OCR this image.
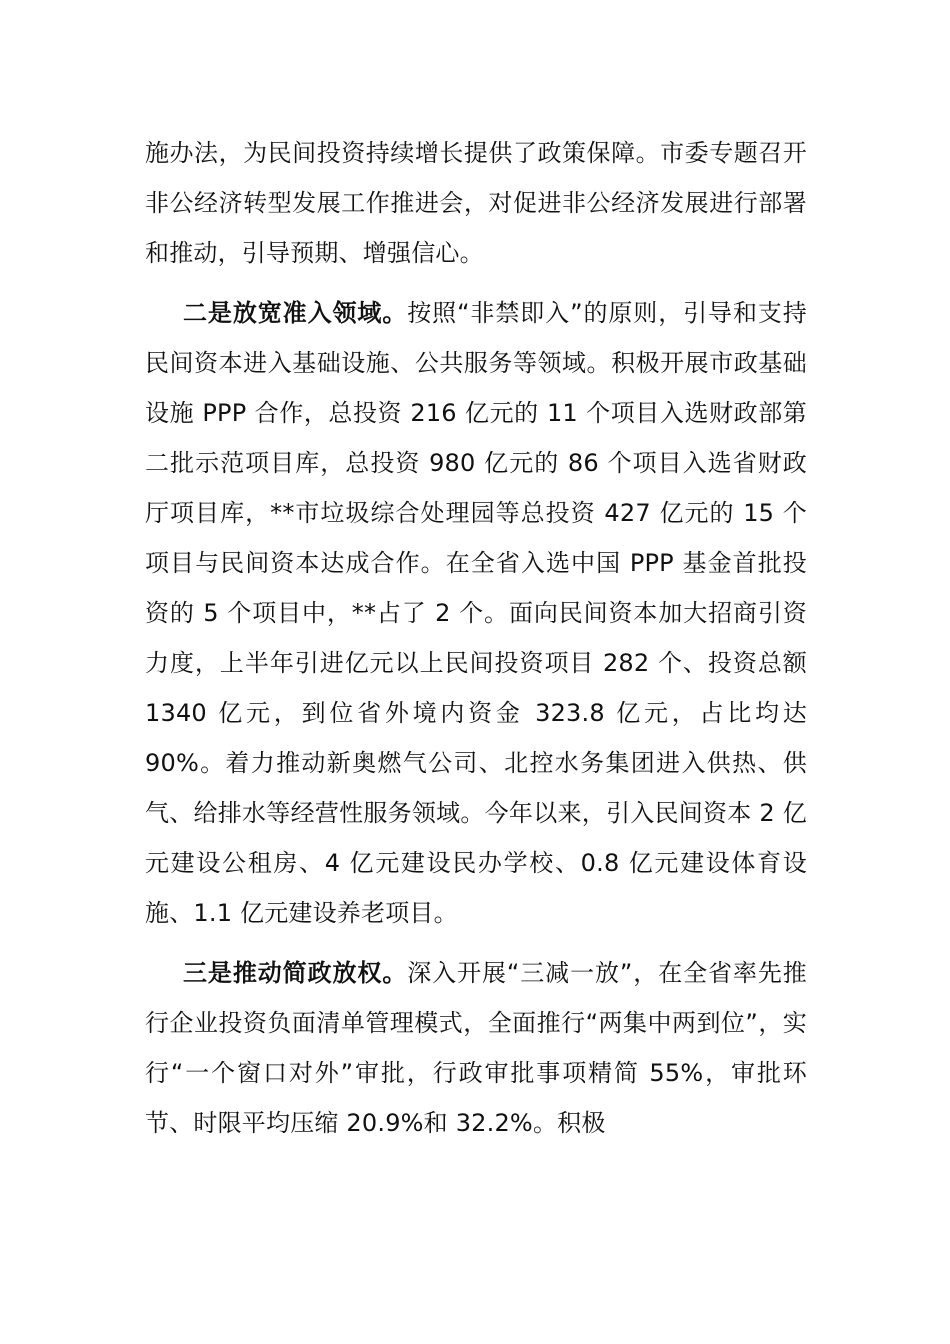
施办法，为民间投资持续增长提供了政策保障。市委专题召开非公经济转型发展工作推进会，对促进非公经济发展进行部署和推动，引导预期、增强信心。

二是放宽准入领域。按照“非禁即入”的原则，引导和支持民间资本进入基础设施、公共服务等领域。积极开展市政基础设施 PPP 合作，总投资 216 亿元的 11 个项目入选财政部第二批示范项目库，总投资 980 亿元的 86 个项目入选省财政厅项目库，**市垃圾综合处理园等总投资 427 亿元的 15 个项目与民间资本达成合作。在全省入选中国 PPP 基金首批投资的 5 个项目中，**占了 2 个。面向民间资本加大招商引资力度，上半年引进亿元以上民间投资项目 282 个、投资总额 1340 亿元，到位省外境内资金 323.8 亿元，占比均达 90%。着力推动新奥燃气公司、北控水务集团进入供热、供气、给排水等经营性服务领域。今年以来，引入民间资本 2 亿元建设公租房、4 亿元建设民办学校、0.8 亿元建设体育设施、1.1 亿元建设养老项目。

三是推动简政放权。深入开展“三减一放”，在全省率先推行企业投资负面清单管理模式，全面推行“两集中两到位”，实行“一个窗口对外”审批，行政审批事项精简 55%，审批环节、时限平均压缩 20.9%和 32.2%。积极
